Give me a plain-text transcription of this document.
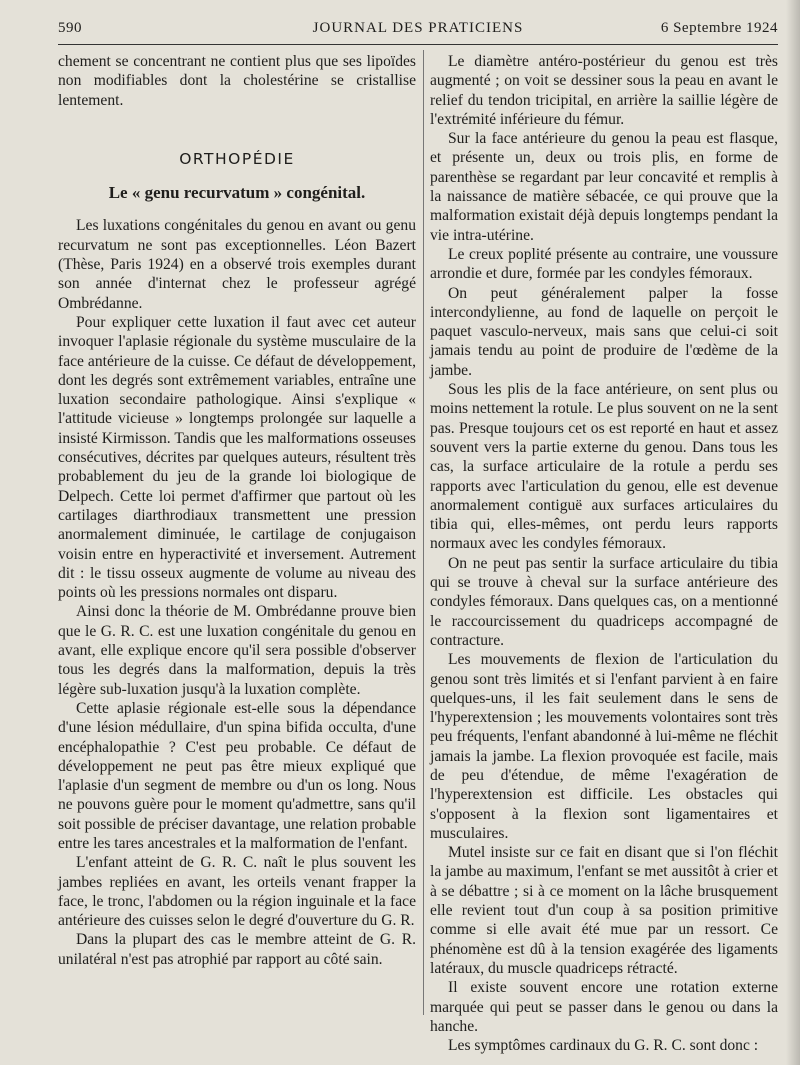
590	JOURNAL DES PRATICIENS	6 Septembre 1924

chement se concentrant ne contient plus que ses lipoïdes non modifiables dont la cholestérine se cristallise lentement.

ORTHOPÉDIE
Le « genu recurvatum » congénital.

Les luxations congénitales du genou en avant ou genu recurvatum ne sont pas exceptionnelles. Léon Bazert (Thèse, Paris 1924) en a observé trois exemples durant son année d'internat chez le professeur agrégé Ombrédanne.

Pour expliquer cette luxation il faut avec cet auteur invoquer l'aplasie régionale du système musculaire de la face antérieure de la cuisse. Ce défaut de développement, dont les degrés sont extrêmement variables, entraîne une luxation secondaire pathologique. Ainsi s'explique « l'attitude vicieuse » longtemps prolongée sur laquelle a insisté Kirmisson. Tandis que les malformations osseuses consécutives, décrites par quelques auteurs, résultent très probablement du jeu de la grande loi biologique de Delpech. Cette loi permet d'affirmer que partout où les cartilages diarthrodiaux transmettent une pression anormalement diminuée, le cartilage de conjugaison voisin entre en hyperactivité et inversement. Autrement dit : le tissu osseux augmente de volume au niveau des points où les pressions normales ont disparu.

Ainsi donc la théorie de M. Ombrédanne prouve bien que le G. R. C. est une luxation congénitale du genou en avant, elle explique encore qu'il sera possible d'observer tous les degrés dans la malformation, depuis la très légère sub-luxation jusqu'à la luxation complète.

Cette aplasie régionale est-elle sous la dépendance d'une lésion médullaire, d'un spina bifida occulta, d'une encéphalopathie ? C'est peu probable. Ce défaut de développement ne peut pas être mieux expliqué que l'aplasie d'un segment de membre ou d'un os long. Nous ne pouvons guère pour le moment qu'admettre, sans qu'il soit possible de préciser davantage, une relation probable entre les tares ancestrales et la malformation de l'enfant.

L'enfant atteint de G. R. C. naît le plus souvent les jambes repliées en avant, les orteils venant frapper la face, le tronc, l'abdomen ou la région inguinale et la face antérieure des cuisses selon le degré d'ouverture du G. R.

Dans la plupart des cas le membre atteint de G. R. unilatéral n'est pas atrophié par rapport au côté sain.

Le diamètre antéro-postérieur du genou est très augmenté ; on voit se dessiner sous la peau en avant le relief du tendon tricipital, en arrière la saillie légère de l'extrémité inférieure du fémur.

Sur la face antérieure du genou la peau est flasque, et présente un, deux ou trois plis, en forme de parenthèse se regardant par leur concavité et remplis à la naissance de matière sébacée, ce qui prouve que la malformation existait déjà depuis longtemps pendant la vie intra-utérine.

Le creux poplité présente au contraire, une voussure arrondie et dure, formée par les condyles fémoraux.

On peut généralement palper la fosse intercondylienne, au fond de laquelle on perçoit le paquet vasculo-nerveux, mais sans que celui-ci soit jamais tendu au point de produire de l'œdème de la jambe.

Sous les plis de la face antérieure, on sent plus ou moins nettement la rotule. Le plus souvent on ne la sent pas. Presque toujours cet os est reporté en haut et assez souvent vers la partie externe du genou. Dans tous les cas, la surface articulaire de la rotule a perdu ses rapports avec l'articulation du genou, elle est devenue anormalement contiguë aux surfaces articulaires du tibia qui, elles-mêmes, ont perdu leurs rapports normaux avec les condyles fémoraux.

On ne peut pas sentir la surface articulaire du tibia qui se trouve à cheval sur la surface antérieure des condyles fémoraux. Dans quelques cas, on a mentionné le raccourcissement du quadriceps accompagné de contracture.

Les mouvements de flexion de l'articulation du genou sont très limités et si l'enfant parvient à en faire quelques-uns, il les fait seulement dans le sens de l'hyperextension ; les mouvements volontaires sont très peu fréquents, l'enfant abandonné à lui-même ne fléchit jamais la jambe. La flexion provoquée est facile, mais de peu d'étendue, de même l'exagération de l'hyperextension est difficile. Les obstacles qui s'opposent à la flexion sont ligamentaires et musculaires.

Mutel insiste sur ce fait en disant que si l'on fléchit la jambe au maximum, l'enfant se met aussitôt à crier et à se débattre ; si à ce moment on la lâche brusquement elle revient tout d'un coup à sa position primitive comme si elle avait été mue par un ressort. Ce phénomène est dû à la tension exagérée des ligaments latéraux, du muscle quadriceps rétracté.

Il existe souvent encore une rotation externe marquée qui peut se passer dans le genou ou dans la hanche.

Les symptômes cardinaux du G. R. C. sont donc :
